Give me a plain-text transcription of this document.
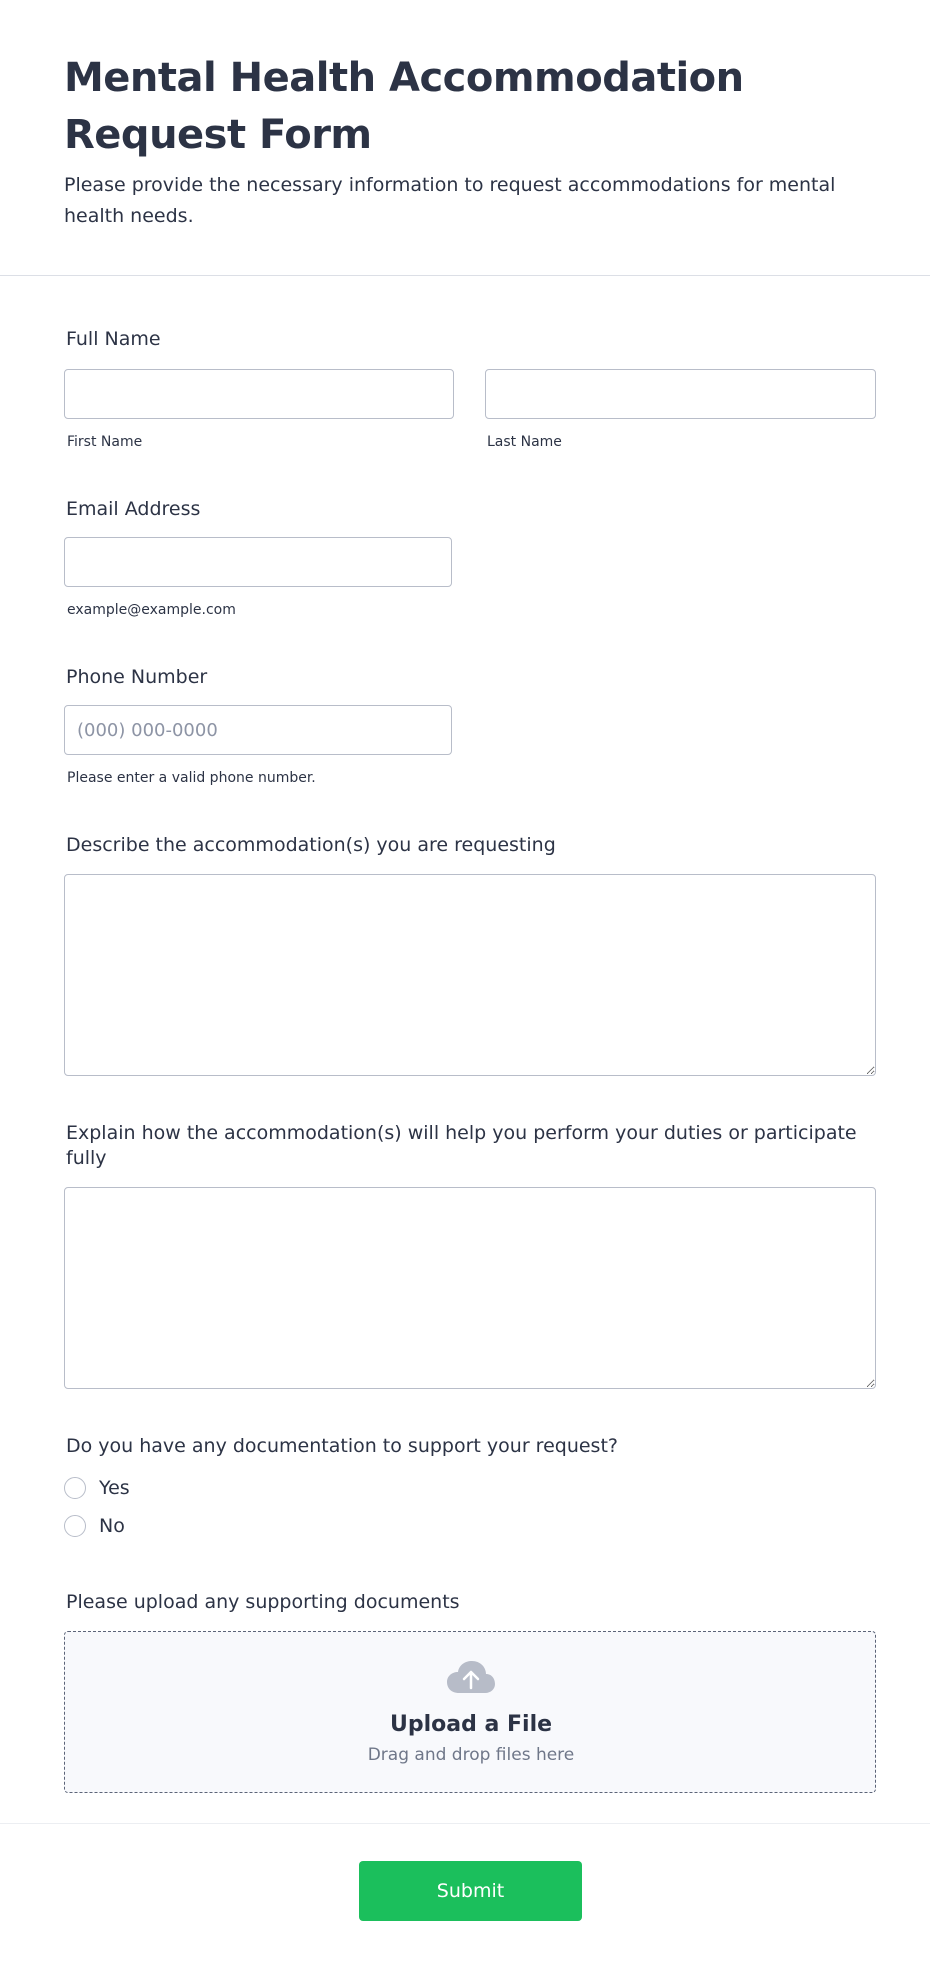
Mental Health Accommodation Request Form

Please provide the necessary information to request accommodations for mental health needs.

Full Name
First Name	Last Name
Email Address
example@example.com
Phone Number
(000) 000-0000
Please enter a valid phone number.
Describe the accommodation(s) you are requesting
Explain how the accommodation(s) will help you perform your duties or participate fully
Do you have any documentation to support your request?
Yes
No
Please upload any supporting documents
Upload a File
Drag and drop files here
Submit
